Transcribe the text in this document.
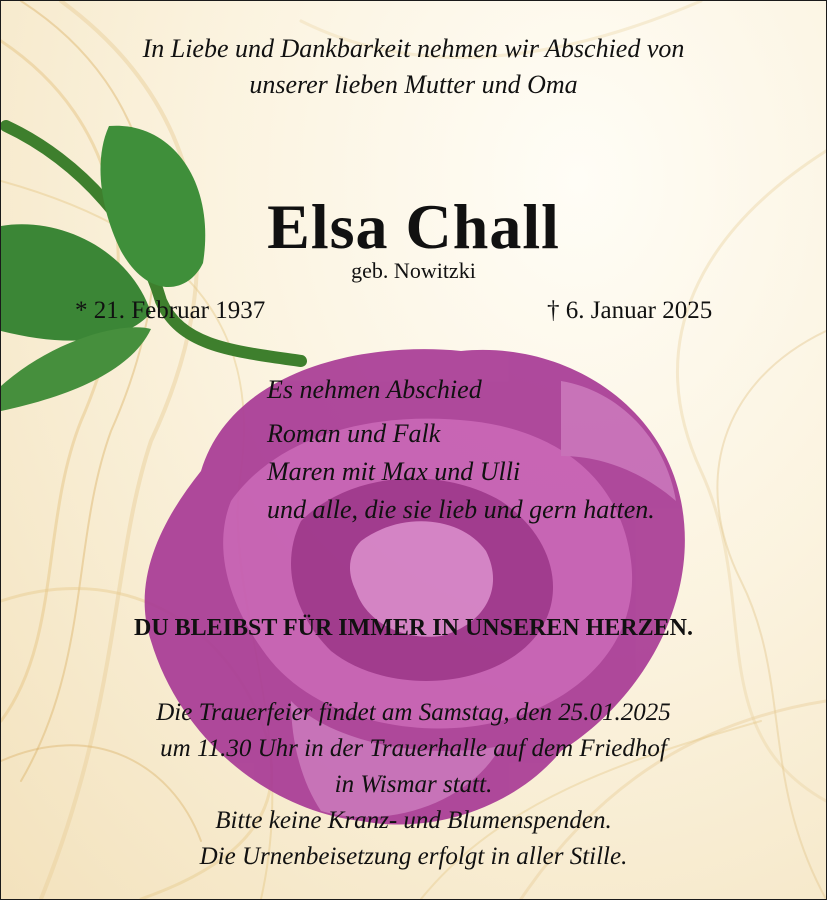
In Liebe und Dankbarkeit nehmen wir Abschied von
unserer lieben Mutter und Oma
Elsa Chall
geb. Nowitzki
* 21. Februar 1937	† 6. Januar 2025
Es nehmen Abschied
Roman und Falk
Maren mit Max und Ulli
und alle, die sie lieb und gern hatten.
DU BLEIBST FÜR IMMER IN UNSEREN HERZEN.
Die Trauerfeier findet am Samstag, den 25.01.2025
um 11.30 Uhr in der Trauerhalle auf dem Friedhof
in Wismar statt.
Bitte keine Kranz- und Blumenspenden.
Die Urnenbeisetzung erfolgt in aller Stille.
